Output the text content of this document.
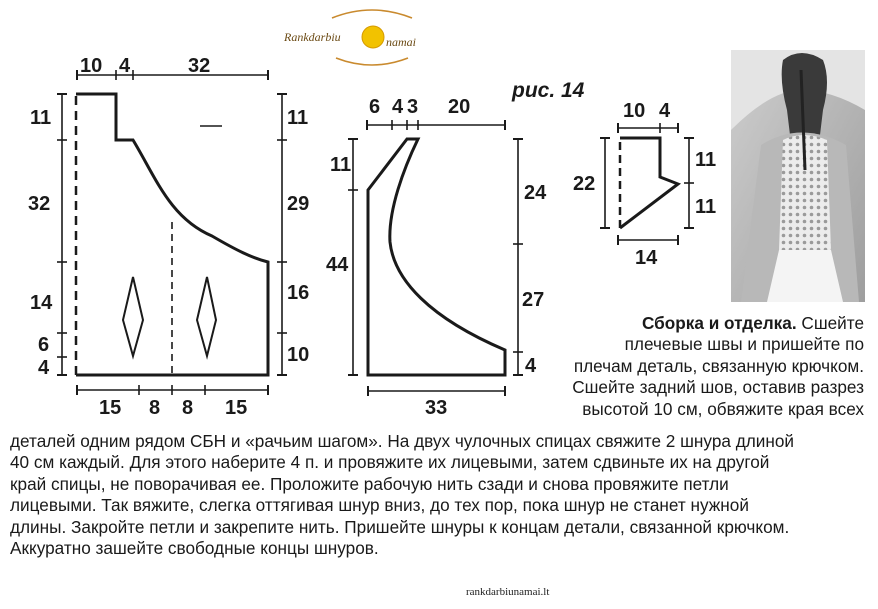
Rankdarbiu	namai
рис. 14
10 4	32
11
32
14
6
4
11
29
16
10
15 8 8 15
6 4 3 20
11
44
24
27
4
33
10 4
22
11
11
14
Сборка и отделка. Сшейте
плечевые швы и пришейте по
плечам деталь, связанную крючком.
Сшейте задний шов, оставив разрез
высотой 10 см, обвяжите края всех
деталей одним рядом СБН и «рачьим шагом». На двух чулочных спицах свяжите 2 шнура длиной
40 см каждый. Для этого наберите 4 п. и провяжите их лицевыми, затем сдвиньте их на другой
край спицы, не поворачивая ее. Проложите рабочую нить сзади и снова провяжите петли
лицевыми. Так вяжите, слегка оттягивая шнур вниз, до тех пор, пока шнур не станет нужной
длины. Закройте петли и закрепите нить. Пришейте шнуры к концам детали, связанной крючком.
Аккуратно зашейте свободные концы шнуров.
rankdarbiunamai.lt
